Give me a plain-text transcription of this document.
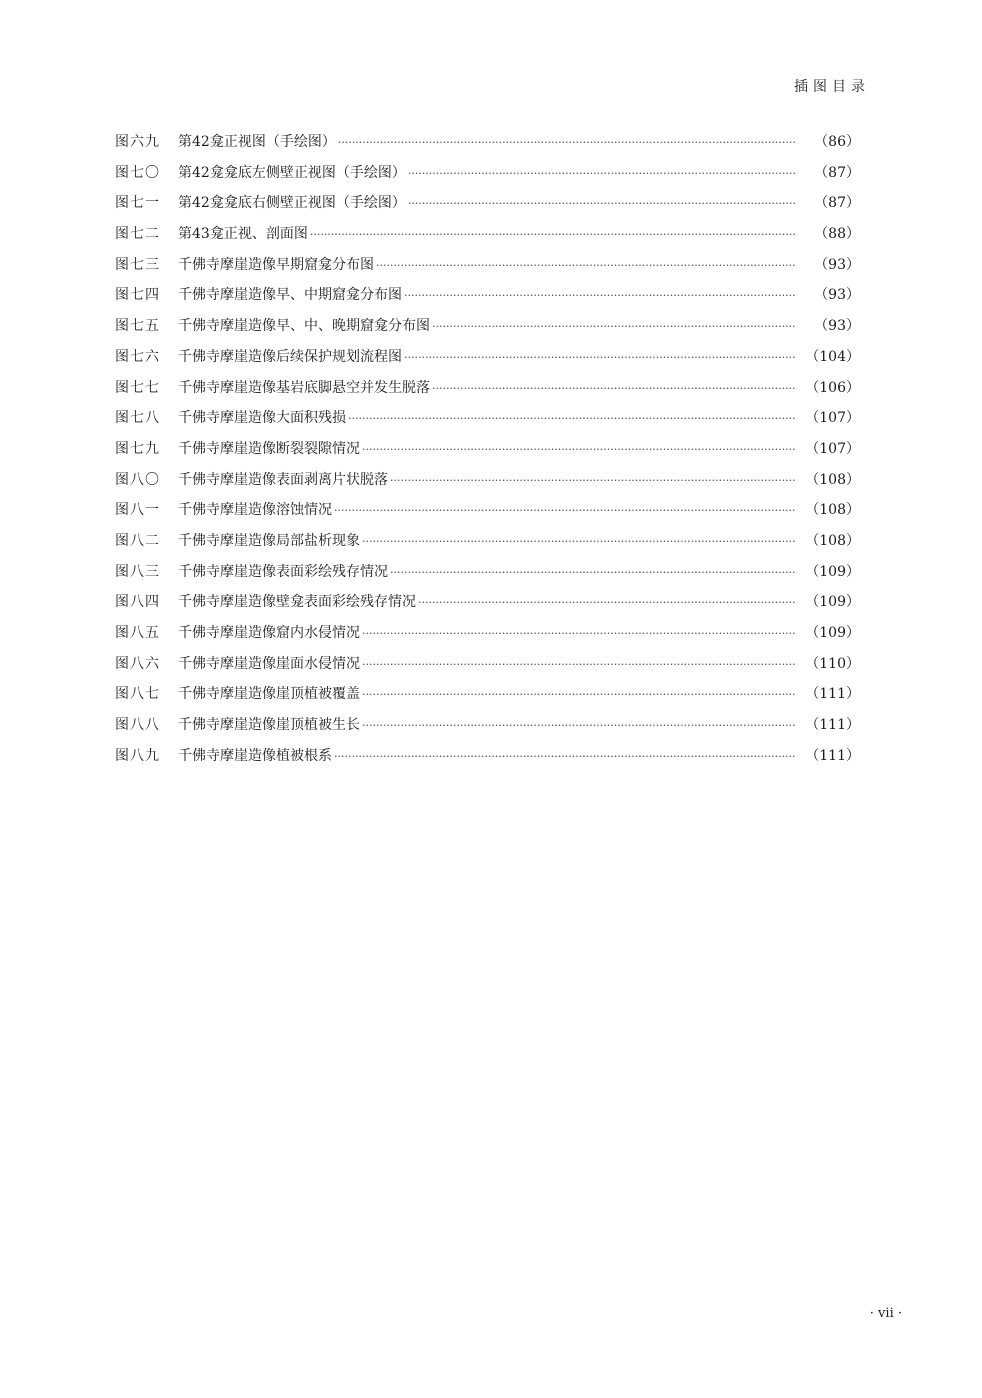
插图目录
图六九	第42龛正视图（手绘图） ·····	（86）
图七〇	第42龛龛底左侧壁正视图（手绘图） ·····	（87）
图七一	第42龛龛底右侧壁正视图（手绘图） ·····	（87）
图七二	第43龛正视、剖面图 ·····	（88）
图七三	千佛寺摩崖造像早期窟龛分布图 ·····	（93）
图七四	千佛寺摩崖造像早、中期窟龛分布图 ·····	（93）
图七五	千佛寺摩崖造像早、中、晚期窟龛分布图 ·····	（93）
图七六	千佛寺摩崖造像后续保护规划流程图 ·····	（104）
图七七	千佛寺摩崖造像基岩底脚悬空并发生脱落 ·····	（106）
图七八	千佛寺摩崖造像大面积残损 ·····	（107）
图七九	千佛寺摩崖造像断裂裂隙情况 ·····	（107）
图八〇	千佛寺摩崖造像表面剥离片状脱落 ·····	（108）
图八一	千佛寺摩崖造像溶蚀情况 ·····	（108）
图八二	千佛寺摩崖造像局部盐析现象 ·····	（108）
图八三	千佛寺摩崖造像表面彩绘残存情况 ·····	（109）
图八四	千佛寺摩崖造像壁龛表面彩绘残存情况 ·····	（109）
图八五	千佛寺摩崖造像窟内水侵情况 ·····	（109）
图八六	千佛寺摩崖造像崖面水侵情况 ·····	（110）
图八七	千佛寺摩崖造像崖顶植被覆盖 ·····	（111）
图八八	千佛寺摩崖造像崖顶植被生长 ·····	（111）
图八九	千佛寺摩崖造像植被根系 ·····	（111）
· vii ·
